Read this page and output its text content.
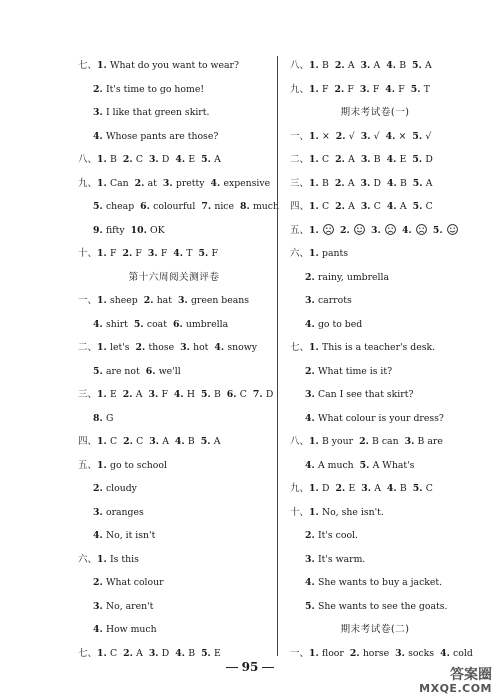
七 、 1 . What do you want to wear?
2 . It's time to go home!
3 . I like that green skirt.
4 . Whose pants are those?
八 、 1 . B 2 . C 3 . D 4 . E 5 . A
九 、 1 . Can 2 . at 3 . pretty 4 . expensive
5 . cheap 6 . colourful 7 . nice 8 . much
9 . fifty 10 . OK
十 、 1 . F 2 . F 3 . F 4 . T 5 . F
第十六周阅关测评卷
一 、 1 . sheep 2 . hat 3 . green beans
4 . shirt 5 . coat 6 . umbrella
二 、 1 . let's 2 . those 3 . hot 4 . snowy
5 . are not 6 . we'll
三 、 1 . E 2 . A 3 . F 4 . H 5 . B 6 . C 7 . D
8 . G
四 、 1 . C 2 . C 3 . A 4 . B 5 . A
五 、 1 . go to school
2 . cloudy
3 . oranges
4 . No, it isn't
六 、 1 . Is this
2 . What colour
3 . No, aren't
4 . How much
七 、 1 . C 2 . A 3 . D 4 . B 5 . E
八 、 1 . B 2 . A 3 . A 4 . B 5 . A
九 、 1 . F 2 . F 3 . F 4 . F 5 . T
期末考试卷(一)
一 、 1 . × 2 . √ 3 . √ 4 . × 5 . √
二 、 1 . C 2 . A 3 . B 4 . E 5 . D
三 、 1 . B 2 . A 3 . D 4 . B 5 . A
四 、 1 . C 2 . A 3 . C 4 . A 5 . C
五 、 1 .	2 .	3 .	4 .	5 .
六 、 1 . pants
2 . rainy, umbrella
3 . carrots
4 . go to bed
七 、 1 . This is a teacher's desk.
2 . What time is it?
3 . Can I see that skirt?
4 . What colour is your dress?
八 、 1 . B your 2 . B can 3 . B are
4 . A much 5 . A What's
九 、 1 . D 2 . E 3 . A 4 . B 5 . C
十 、 1 . No, she isn't.
2 . It's cool.
3 . It's warm.
4 . She wants to buy a jacket.
5 . She wants to see the goats.
期末考试卷(二)
一 、 1 . floor 2 . horse 3 . socks 4 . cold
95	答案圈
MXQE.COM
